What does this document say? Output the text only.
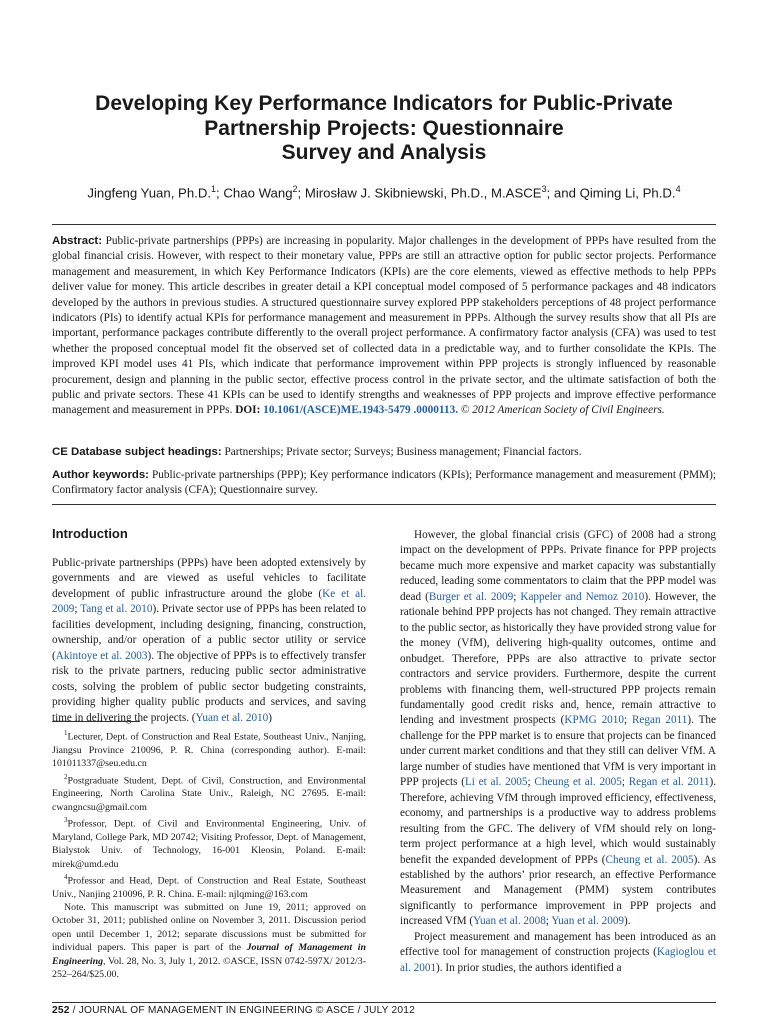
Developing Key Performance Indicators for Public-Private
Partnership Projects: Questionnaire
Survey and Analysis
Jingfeng Yuan, Ph.D.$^1$; Chao Wang$^2$; Mirosław J. Skibniewski, Ph.D., M.ASCE$^3$; and Qiming Li, Ph.D.$^4$
Abstract: Public-private partnerships (PPPs) are increasing in popularity. Major challenges in the development of PPPs have resulted from the global financial crisis. However, with respect to their monetary value, PPPs are still an attractive option for public sector projects. Performance management and measurement, in which Key Performance Indicators (KPIs) are the core elements, viewed as effective methods to help PPPs deliver value for money. This article describes in greater detail a KPI conceptual model composed of 5 performance packages and 48 indicators developed by the authors in previous studies. A structured questionnaire survey explored PPP stakeholders perceptions of 48 project performance indicators (PIs) to identify actual KPIs for performance management and measurement in PPPs. Although the survey results show that all PIs are important, performance packages contribute differently to the overall project performance. A confirmatory factor analysis (CFA) was used to test whether the proposed conceptual model fit the observed set of collected data in a predictable way, and to further consolidate the KPIs. The improved KPI model uses 41 PIs, which indicate that performance improvement within PPP projects is strongly influenced by reasonable procurement, design and planning in the public sector, effective process control in the private sector, and the ultimate satisfaction of both the public and private sectors. These 41 KPIs can be used to identify strengths and weaknesses of PPP projects and improve effective performance management and measurement in PPPs. DOI: 10.1061/(ASCE)ME.1943-5479 .0000113. © 2012 American Society of Civil Engineers.
CE Database subject headings: Partnerships; Private sector; Surveys; Business management; Financial factors.
Author keywords: Public-private partnerships (PPP); Key performance indicators (KPIs); Performance management and measurement (PMM); Confirmatory factor analysis (CFA); Questionnaire survey.
Introduction

Public-private partnerships (PPPs) have been adopted extensively by governments and are viewed as useful vehicles to facilitate development of public infrastructure around the globe (Ke et al. 2009; Tang et al. 2010). Private sector use of PPPs has been related to facilities development, including designing, financing, construction, ownership, and/or operation of a public sector utility or service (Akintoye et al. 2003). The objective of PPPs is to effectively transfer risk to the private partners, reducing public sector administrative costs, solving the problem of public sector budgeting constraints, providing higher quality public products and services, and saving time in delivering the projects. (Yuan et al. 2010)

$^1$Lecturer, Dept. of Construction and Real Estate, Southeast Univ., Nanjing, Jiangsu Province 210096, P. R. China (corresponding author). E-mail: 101011337@seu.edu.cn

$^2$Postgraduate Student, Dept. of Civil, Construction, and Environmental Engineering, North Carolina State Univ., Raleigh, NC 27695. E-mail: cwangncsu@gmail.com

$^3$Professor, Dept. of Civil and Environmental Engineering, Univ. of Maryland, College Park, MD 20742; Visiting Professor, Dept. of Management, Bialystok Univ. of Technology, 16-001 Kleosin, Poland. E-mail: mirek@umd.edu

$^4$Professor and Head, Dept. of Construction and Real Estate, Southeast Univ., Nanjing 210096, P. R. China. E-mail: njlqming@163.com

Note. This manuscript was submitted on June 19, 2011; approved on October 31, 2011; published online on November 3, 2011. Discussion period open until December 1, 2012; separate discussions must be submitted for individual papers. This paper is part of the Journal of Management in Engineering, Vol. 28, No. 3, July 1, 2012. ©ASCE, ISSN 0742-597X/ 2012/3-252–264/$25.00.

However, the global financial crisis (GFC) of 2008 had a strong impact on the development of PPPs. Private finance for PPP projects became much more expensive and market capacity was substantially reduced, leading some commentators to claim that the PPP model was dead (Burger et al. 2009; Kappeler and Nemoz 2010). However, the rationale behind PPP projects has not changed. They remain attractive to the public sector, as historically they have provided strong value for the money (VfM), delivering high-quality outcomes, ontime and onbudget. Therefore, PPPs are also attractive to private sector contractors and service providers. Furthermore, despite the current problems with financing them, well-structured PPP projects remain fundamentally good credit risks and, hence, remain attractive to lending and investment prospects (KPMG 2010; Regan 2011). The challenge for the PPP market is to ensure that projects can be financed under current market conditions and that they still can deliver VfM. A large number of studies have mentioned that VfM is very important in PPP projects (Li et al. 2005; Cheung et al. 2005; Regan et al. 2011). Therefore, achieving VfM through improved efficiency, effectiveness, economy, and partnerships is a productive way to address problems resulting from the GFC. The delivery of VfM should rely on long-term project performance at a high level, which would sustainably benefit the expanded development of PPPs (Cheung et al. 2005). As established by the authors’ prior research, an effective Performance Measurement and Management (PMM) system contributes significantly to performance improvement in PPP projects and increased VfM (Yuan et al. 2008; Yuan et al. 2009).

Project measurement and management has been introduced as an effective tool for management of construction projects (Kagioglou et al. 2001). In prior studies, the authors identified a

252 / JOURNAL OF MANAGEMENT IN ENGINEERING © ASCE / JULY 2012
